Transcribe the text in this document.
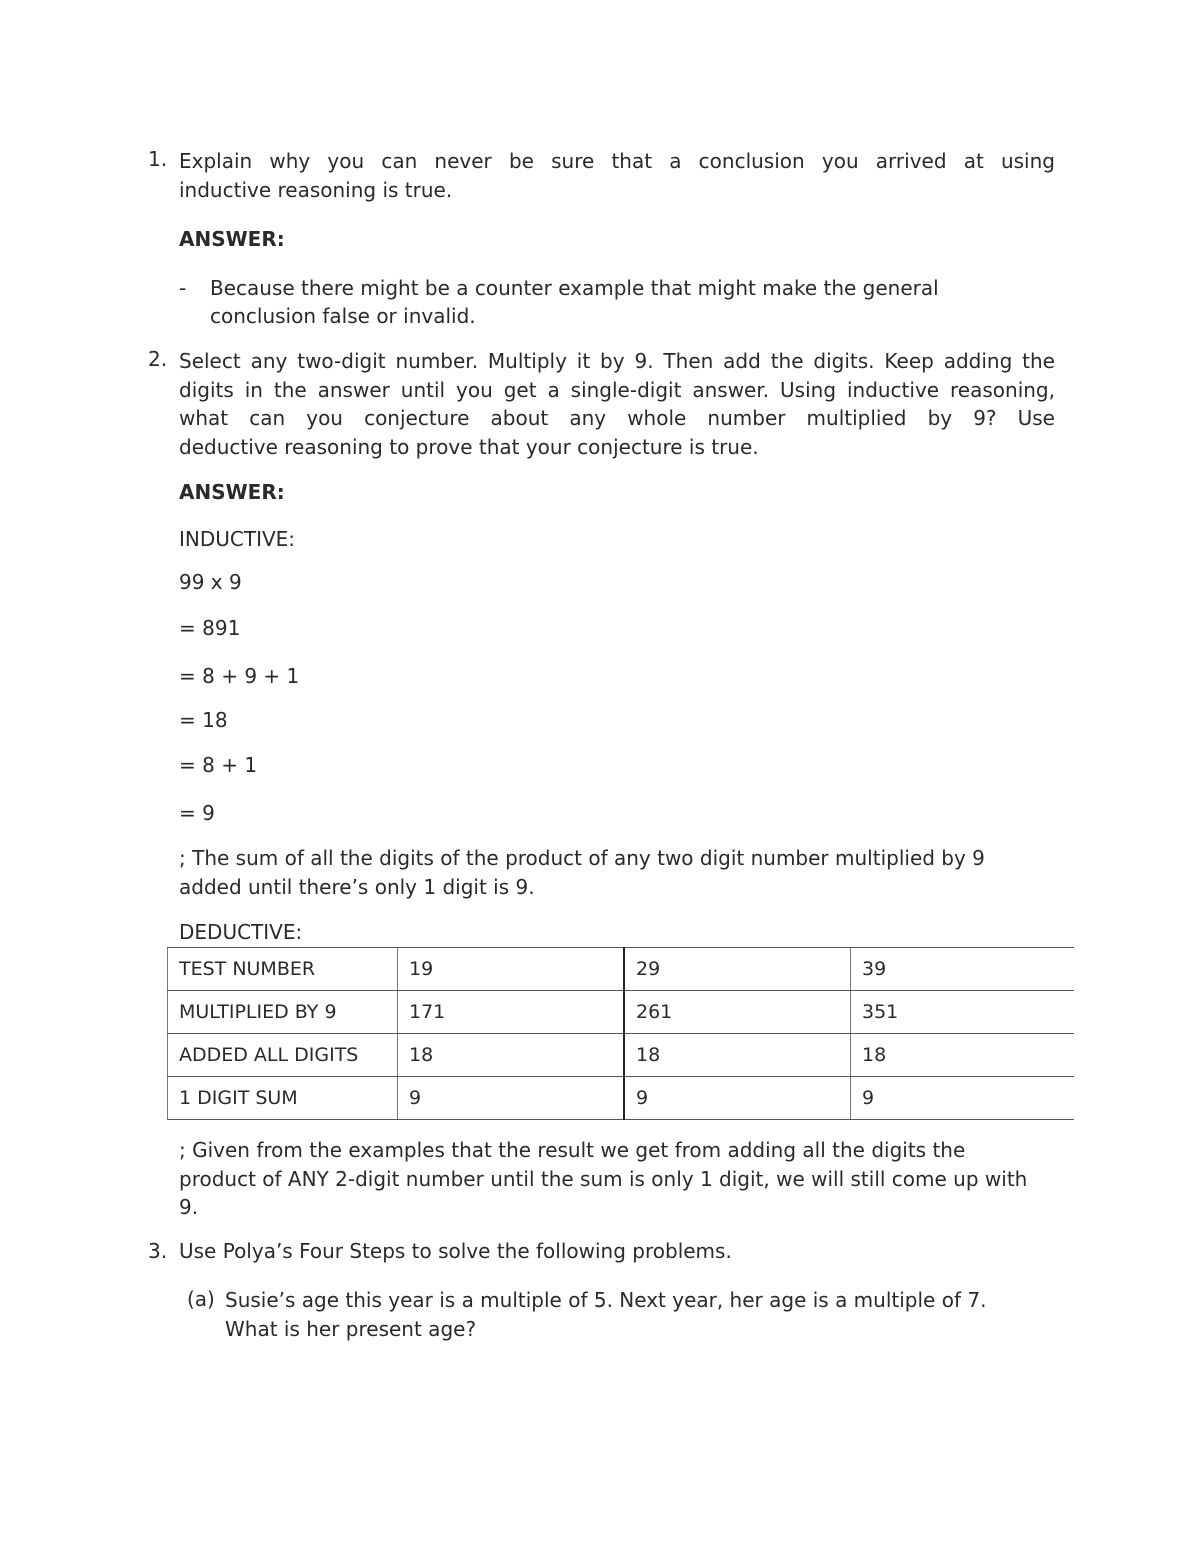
1. Explain why you can never be sure that a conclusion you arrived at using
inductive reasoning is true.
ANSWER:
- Because there might be a counter example that might make the general conclusion false or invalid.
2. Select any two-digit number. Multiply it by 9. Then add the digits. Keep adding the digits in the answer until you get a single-digit answer. Using inductive reasoning, what can you conjecture about any whole number multiplied by 9? Use
deductive reasoning to prove that your conjecture is true.
ANSWER:
INDUCTIVE:
99 x 9
= 891
= 8 + 9 + 1
= 18
= 8 + 1
= 9
; The sum of all the digits of the product of any two digit number multiplied by 9 added until there’s only 1 digit is 9.
DEDUCTIVE:
TEST NUMBER	19	29	39
MULTIPLIED BY 9	171	261	351
ADDED ALL DIGITS	18	18	18
1 DIGIT SUM	9	9	9
; Given from the examples that the result we get from adding all the digits the product of ANY 2-digit number until the sum is only 1 digit, we will still come up with 9.
3. Use Polya’s Four Steps to solve the following problems.
(a) Susie’s age this year is a multiple of 5. Next year, her age is a multiple of 7. What is her present age?
